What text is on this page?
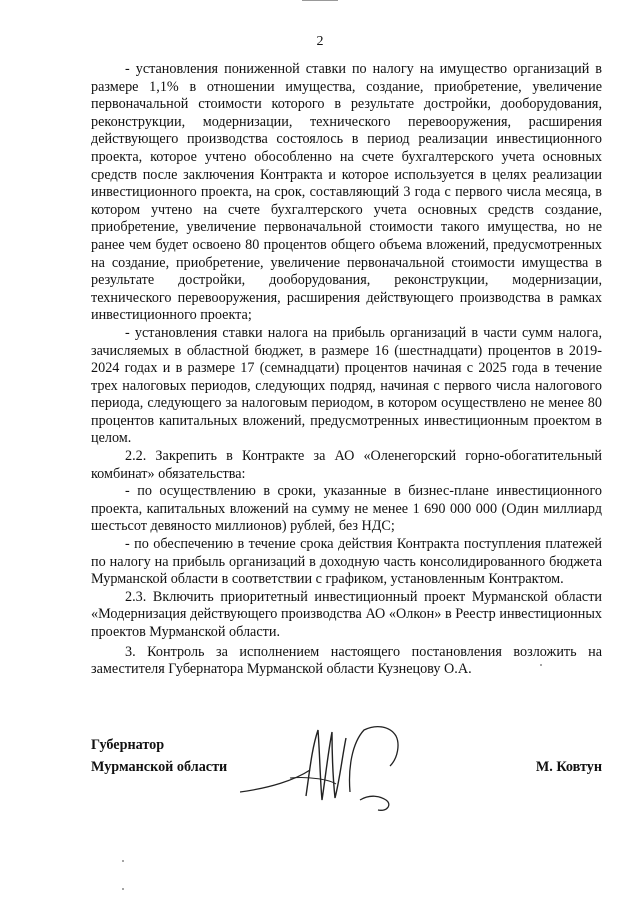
2

- установления пониженной ставки по налогу на имущество организаций в размере 1,1% в отношении имущества, создание, приобретение, увеличение первоначальной стоимости которого в результате достройки, дооборудования, реконструкции, модернизации, технического перевооружения, расширения действующего производства состоялось в период реализации инвестиционного проекта, которое учтено обособленно на счете бухгалтерского учета основных средств после заключения Контракта и которое используется в целях реализации инвестиционного проекта, на срок, составляющий 3 года с первого числа месяца, в котором учтено на счете бухгалтерского учета основных средств создание, приобретение, увеличение первоначальной стоимости такого имущества, но не ранее чем будет освоено 80 процентов общего объема вложений, предусмотренных на создание, приобретение, увеличение первоначальной стоимости имущества в результате достройки, дооборудования, реконструкции, модернизации, технического перевооружения, расширения действующего производства в рамках инвестиционного проекта;

- установления ставки налога на прибыль организаций в части сумм налога, зачисляемых в областной бюджет, в размере 16 (шестнадцати) процентов в 2019-2024 годах и в размере 17 (семнадцати) процентов начиная с 2025 года в течение трех налоговых периодов, следующих подряд, начиная с первого числа налогового периода, следующего за налоговым периодом, в котором осуществлено не менее 80 процентов капитальных вложений, предусмотренных инвестиционным проектом в целом.

2.2. Закрепить в Контракте за АО «Оленегорский горно-обогатительный комбинат» обязательства:

- по осуществлению в сроки, указанные в бизнес-плане инвестиционного проекта, капитальных вложений на сумму не менее 1 690 000 000 (Один миллиард шестьсот девяносто миллионов) рублей, без НДС;

- по обеспечению в течение срока действия Контракта поступления платежей по налогу на прибыль организаций в доходную часть консолидированного бюджета Мурманской области в соответствии с графиком, установленным Контрактом.

2.3. Включить приоритетный инвестиционный проект Мурманской области «Модернизация действующего производства АО «Олкон» в Реестр инвестиционных проектов Мурманской области.

3. Контроль за исполнением настоящего постановления возложить на заместителя Губернатора Мурманской области Кузнецову О.А.

Губернатор
Мурманской области	М. Ковтун
